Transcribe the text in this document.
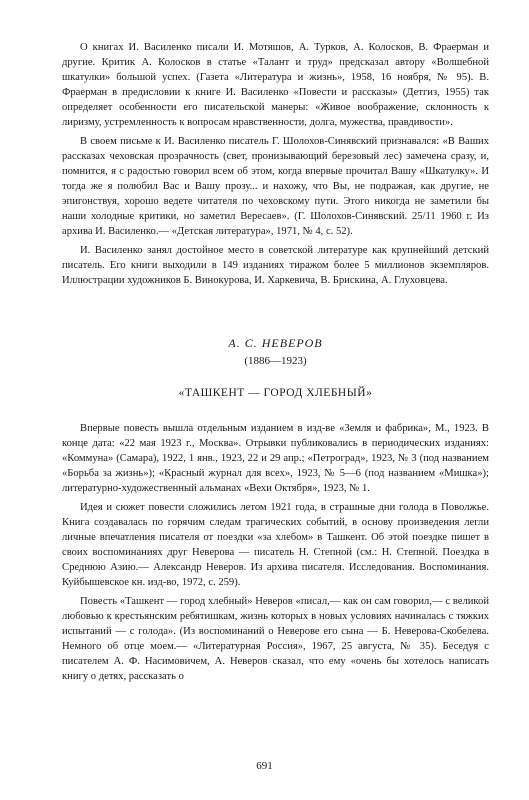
О книгах И. Василенко писали И. Мотяшов, А. Турков, А. Колосков, В. Фраерман и другие. Критик А. Колосков в статье «Талант и труд» предсказал автору «Волшебной шкатулки» большой успех. (Газета «Литература и жизнь», 1958, 16 ноября, № 95). В. Фраерман в предисловии к книге И. Василенко «Повести и рассказы» (Детгиз, 1955) так определяет особенности его писательской манеры: «Живое воображение, склонность к лиризму, устремленность к вопросам нравственности, долга, мужества, правдивости».

В своем письме к И. Василенко писатель Г. Шолохов-Синявский признавался: «В Ваших рассказах чеховская прозрачность (свет, пронизывающий березовый лес) замечена сразу, и, помнится, я с радостью говорил всем об этом, когда впервые прочитал Вашу «Шкатулку». И тогда же я полюбил Вас и Вашу прозу... и нахожу, что Вы, не подражая, как другие, не эпигонствуя, хорошо ведете читателя по чеховскому пути. Этого никогда не заметили бы наши холодные критики, но заметил Вересаев». (Г. Шолохов-Синявский. 25/11 1960 г. Из архива И. Василенко.— «Детская литература», 1971, № 4, с. 52).

И. Василенко занял достойное место в советской литературе как крупнейший детский писатель. Его книги выходили в 149 изданиях тиражом более 5 миллионов экземпляров. Иллюстрации художников Б. Винокурова, И. Харкевича, В. Брискина, А. Глуховцева.

А. С. НЕВЕРОВ
(1886—1923)
«ТАШКЕНТ — ГОРОД ХЛЕБНЫЙ»

Впервые повесть вышла отдельным изданием в изд-ве «Земля и фабрика», М., 1923. В конце дата: «22 мая 1923 г., Москва». Отрывки публиковались в периодических изданиях: «Коммуна» (Самара), 1922, 1 янв., 1923, 22 и 29 апр.; «Петроград», 1923, № 3 (под названием «Борьба за жизнь»); «Красный журнал для всех», 1923, № 5—6 (под названием «Мишка»); литературно-художественный альманах «Вехи Октября», 1923, № 1.

Идея и сюжет повести сложились летом 1921 года, в страшные дни голода в Поволжье. Книга создавалась по горячим следам трагических событий, в основу произведения легли личные впечатления писателя от поездки «за хлебом» в Ташкент. Об этой поездке пишет в своих воспоминаниях друг Неверова — писатель Н. Степной (см.: Н. Степной. Поездка в Среднюю Азию.— Александр Неверов. Из архива писателя. Исследования. Воспоминания. Куйбышевское кн. изд-во, 1972, с. 259).

Повесть «Ташкент — город хлебный» Неверов «писал,— как он сам говорил,— с великой любовью к крестьянским ребятишкам, жизнь которых в новых условиях начиналась с тяжких испытаний — с голода». (Из воспоминаний о Неверове его сына — Б. Неверова-Скобелева. Немного об отце моем.— «Литературная Россия», 1967, 25 августа, № 35). Беседуя с писателем А. Ф. Насимовичем, А. Неверов сказал, что ему «очень бы хотелось написать книгу о детях, рассказать о

691
